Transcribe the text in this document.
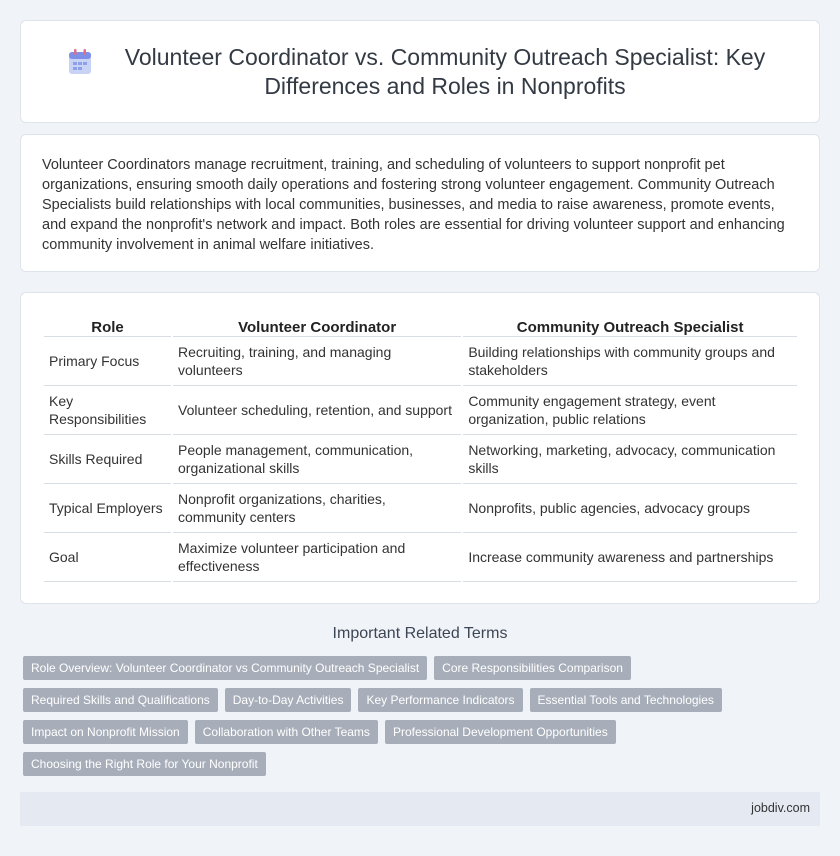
Volunteer Coordinator vs. Community Outreach Specialist: Key Differences and Roles in Nonprofits

Volunteer Coordinators manage recruitment, training, and scheduling of volunteers to support nonprofit pet organizations, ensuring smooth daily operations and fostering strong volunteer engagement. Community Outreach Specialists build relationships with local communities, businesses, and media to raise awareness, promote events, and expand the nonprofit's network and impact. Both roles are essential for driving volunteer support and enhancing community involvement in animal welfare initiatives.

Role	Volunteer Coordinator	Community Outreach Specialist
Primary Focus	Recruiting, training, and managing volunteers	Building relationships with community groups and stakeholders
Key Responsibilities	Volunteer scheduling, retention, and support	Community engagement strategy, event organization, public relations
Skills Required	People management, communication, organizational skills	Networking, marketing, advocacy, communication skills
Typical Employers	Nonprofit organizations, charities, community centers	Nonprofits, public agencies, advocacy groups
Goal	Maximize volunteer participation and effectiveness	Increase community awareness and partnerships
Important Related Terms
Role Overview: Volunteer Coordinator vs Community Outreach Specialist	Core Responsibilities Comparison
Required Skills and Qualifications	Day-to-Day Activities	Key Performance Indicators	Essential Tools and Technologies
Impact on Nonprofit Mission	Collaboration with Other Teams	Professional Development Opportunities
Choosing the Right Role for Your Nonprofit
jobdiv.com
